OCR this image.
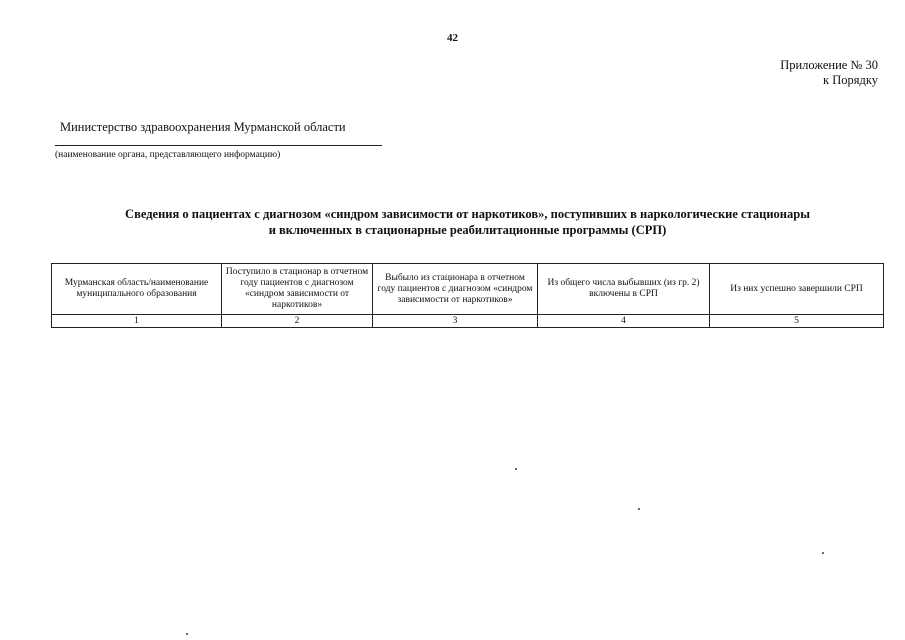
42
Приложение № 30
к Порядку
Министерство здравоохранения Мурманской области
(наименование органа, представляющего информацию)
Сведения о пациентах с диагнозом «синдром зависимости от наркотиков», поступивших в наркологические стационары
и включенных в стационарные реабилитационные программы (СРП)
Мурманская область/наименование муниципального образования	Поступило в стационар в отчетном году пациентов с диагнозом «синдром зависимости от наркотиков»	Выбыло из стационара в отчетном году пациентов с диагнозом «синдром зависимости от наркотиков»	Из общего числа выбывших (из гр. 2) включены в СРП	Из них успешно завершили СРП
1	2	3	4	5
